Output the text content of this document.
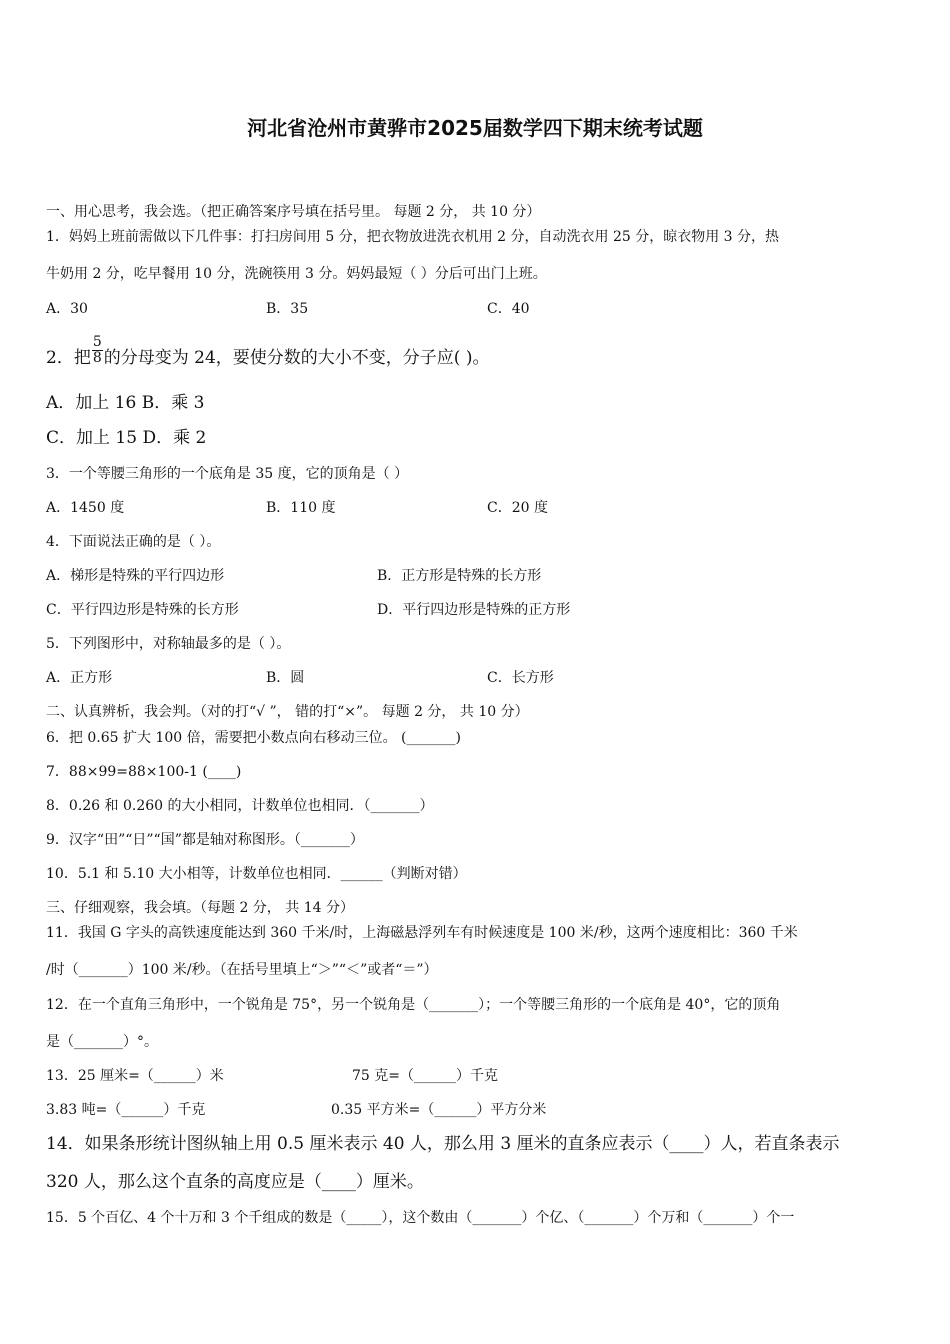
河北省沧州市黄骅市2025届数学四下期末统考试题
一、用心思考，我会选。（把正确答案序号填在括号里。 每题 2 分， 共 10 分）
1．妈妈上班前需做以下几件事：打扫房间用 5 分，把衣物放进洗衣机用 2 分，自动洗衣用 25 分，晾衣物用 3 分，热
牛奶用 2 分，吃早餐用 10 分，洗碗筷用 3 分。妈妈最短（ ）分后可出门上班。
A．30	B．35	C．40
2．把 $\frac{5}{8}$ 的分母变为 24，要使分数的大小不变，分子应( )。
A．加上 16 B．乘 3
C．加上 15 D．乘 2
3．一个等腰三角形的一个底角是 35 度，它的顶角是（ ）
A．1450 度	B．110 度	C．20 度
4．下面说法正确的是（ ）。
A．梯形是特殊的平行四边形	B．正方形是特殊的长方形
C．平行四边形是特殊的长方形	D．平行四边形是特殊的正方形
5．下列图形中，对称轴最多的是（ ）。
A．正方形	B．圆	C．长方形
二、认真辨析，我会判。（对的打“√ ”， 错的打“×”。 每题 2 分， 共 10 分）
6．把 0.65 扩大 100 倍，需要把小数点向右移动三位。 (_______)
7．88×99=88×100-1 (____)
8．0.26 和 0.260 的大小相同，计数单位也相同．（_______）
9．汉字“田”“日”“国”都是轴对称图形。（_______）
10．5.1 和 5.10 大小相等，计数单位也相同．______（判断对错）
三、仔细观察，我会填。（每题 2 分， 共 14 分）
11．我国 G 字头的高铁速度能达到 360 千米/时，上海磁悬浮列车有时候速度是 100 米/秒，这两个速度相比：360 千米
/时（_______）100 米/秒。（在括号里填上“＞”“＜”或者“＝”）
12．在一个直角三角形中，一个锐角是 75°，另一个锐角是（_______）；一个等腰三角形的一个底角是 40°，它的顶角
是（_______）°。
13．25 厘米=（______）米	75 克=（______）千克
3.83 吨=（______）千克	0.35 平方米=（______）平方分米
14．如果条形统计图纵轴上用 0.5 厘米表示 40 人，那么用 3 厘米的直条应表示（____）人，若直条表示
320 人，那么这个直条的高度应是（____）厘米。
15．5 个百亿、4 个十万和 3 个千组成的数是（_____），这个数由（_______）个亿、（_______）个万和（_______）个一
